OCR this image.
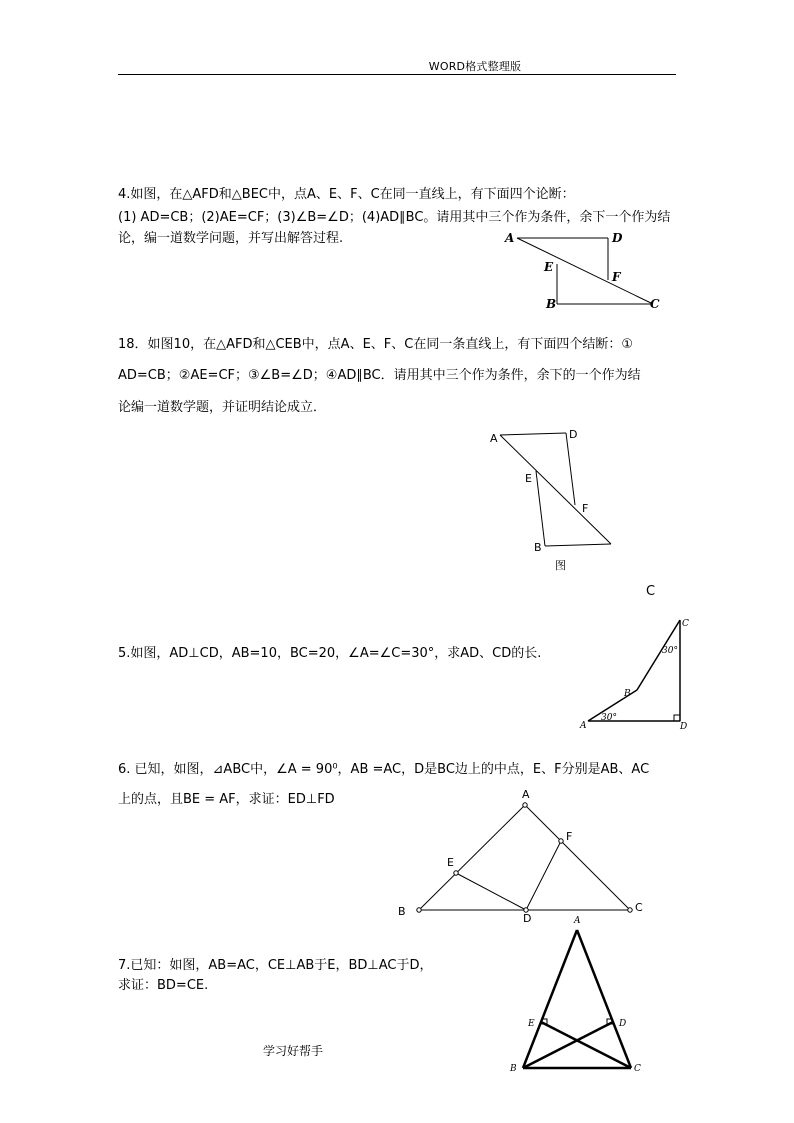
WORD格式整理版
4.如图，在△AFD和△BEC中，点A、E、F、C在同一直线上，有下面四个论断：
(1) AD=CB；(2)AE=CF；(3)∠B=∠D；(4)AD∥BC。请用其中三个作为条件，余下一个作为结
论，编一道数学问题，并写出解答过程.	A	D
E
F
B	C
18．如图10，在△AFD和△CEB中，点A、E、F、C在同一条直线上，有下面四个结断：①
AD=CB；②AE=CF；③∠B=∠D；④AD∥BC．请用其中三个作为条件，余下的一个作为结
论编一道数学题，并证明结论成立．
A	D
E
F
B
图
C
5.如图，AD⊥CD，AB=10，BC=20，∠A=∠C=30°，求AD、CD的长.
C
30°
B
A
30°
D
6. 已知，如图，⊿ABC中，∠A = 90⁰，AB =AC，D是BC边上的中点，E、F分别是AB、AC
上的点，且BE = AF，求证：ED⊥FD	A
F
E
B
D
C
7.已知：如图，AB=AC，CE⊥AB于E，BD⊥AC于D，
求证：BD=CE.
A
E	D
B	C
学习好帮手
